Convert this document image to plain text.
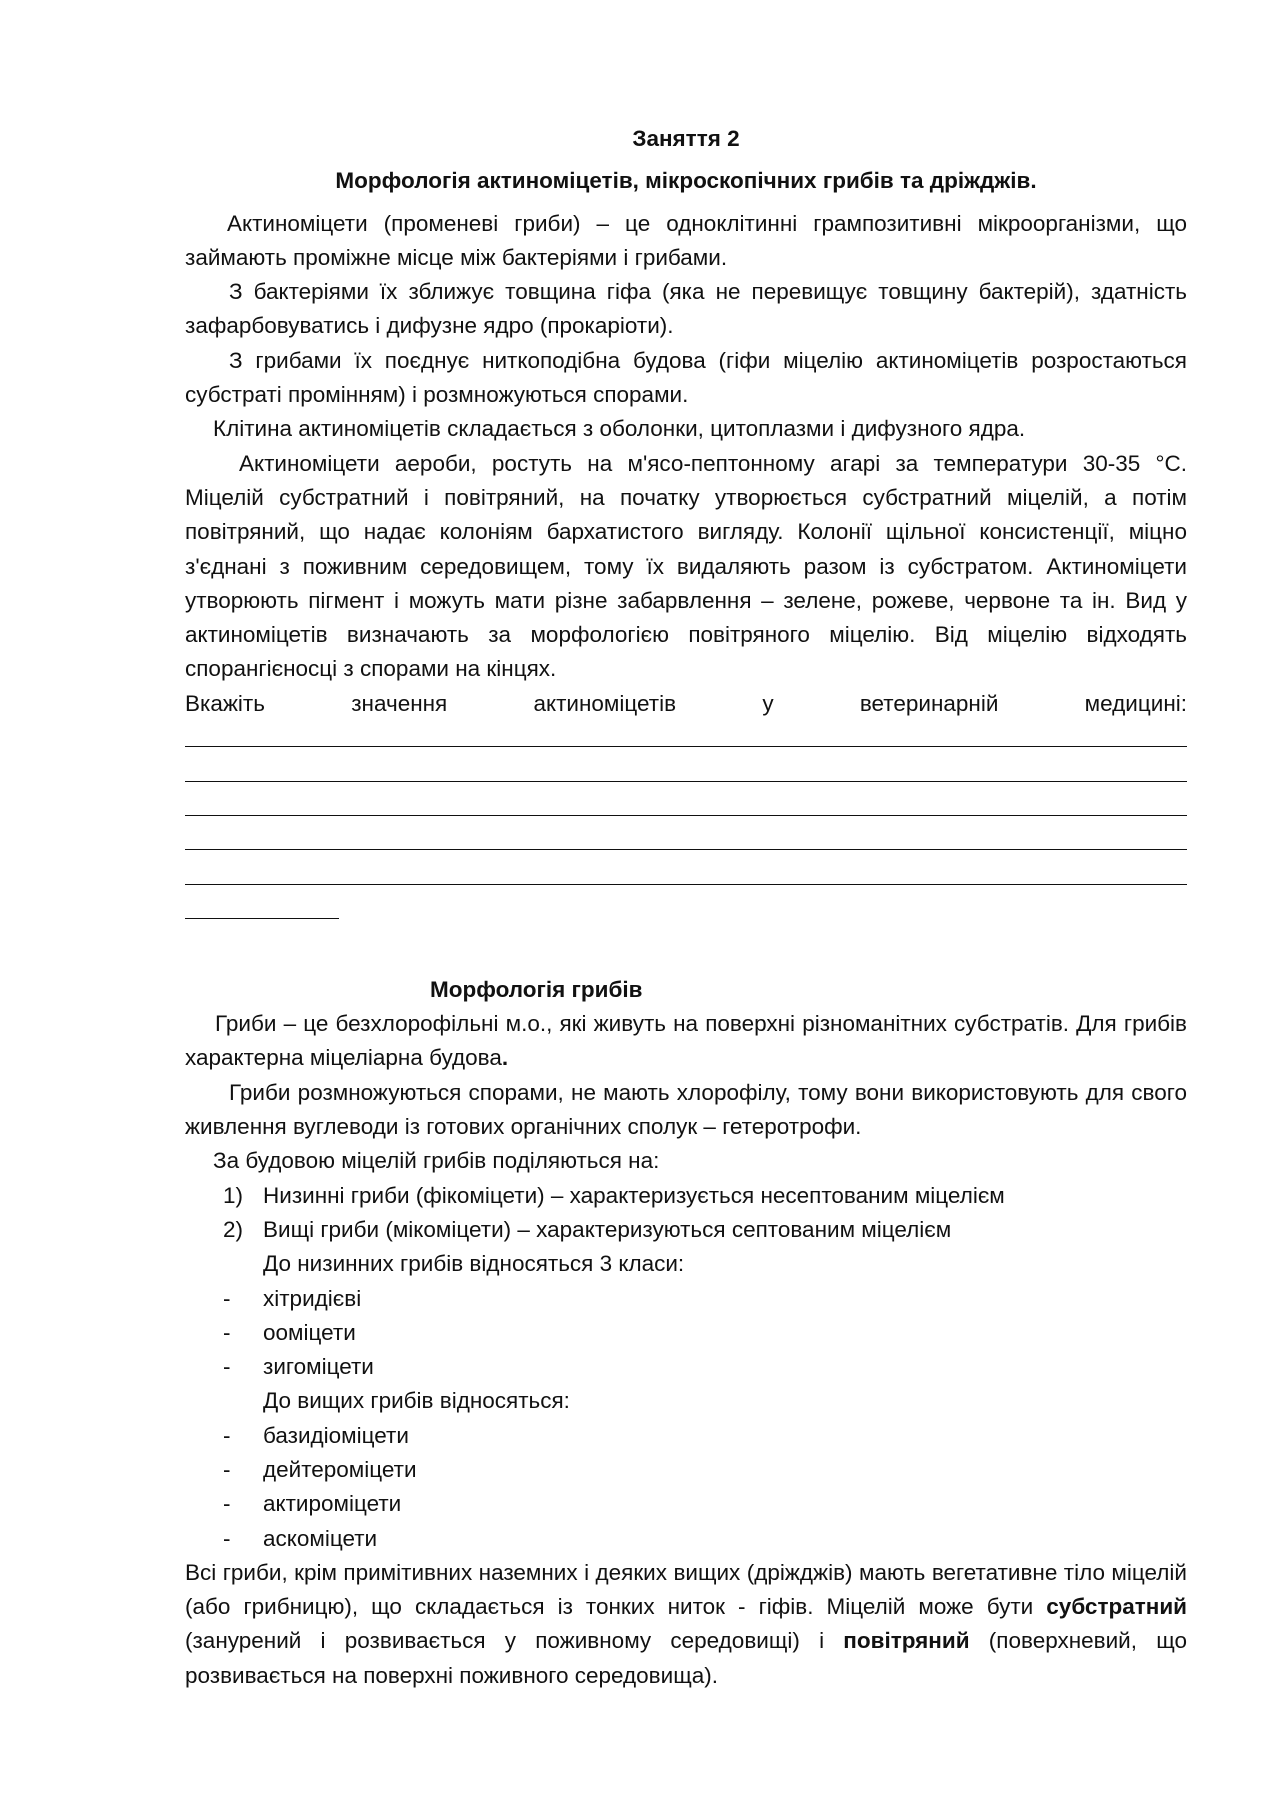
Заняття 2

Морфологія актиноміцетів, мікроскопічних грибів та дріжджів.

Актиноміцети (променеві гриби) – це одноклітинні грампозитивні мікроорганізми, що займають проміжне місце між бактеріями і грибами.

З бактеріями їх зближує товщина гіфа (яка не перевищує товщину бактерій), здатність зафарбовуватись і дифузне ядро (прокаріоти).

З грибами їх поєднує ниткоподібна будова (гіфи міцелію актиноміцетів розростаються субстраті промінням) і розмножуються спорами.

Клітина актиноміцетів складається з оболонки, цитоплазми і дифузного ядра.

Актиноміцети аероби, ростуть на м'ясо-пептонному агарі за температури 30-35 °С. Міцелій субстратний і повітряний, на початку утворюється субстратний міцелій, а потім повітряний, що надає колоніям бархатистого вигляду. Колонії щільної консистенції, міцно з'єднані з поживним середовищем, тому їх видаляють разом із субстратом. Актиноміцети утворюють пігмент і можуть мати різне забарвлення – зелене, рожеве, червоне та ін. Вид у актиноміцетів визначають за морфологією повітряного міцелію. Від міцелію відходять спорангієносці з спорами на кінцях.

Вкажіть значення актиноміцетів у ветеринарній медицині:

Морфологія грибів

Гриби – це безхлорофільні м.о., які живуть на поверхні різноманітних субстратів. Для грибів характерна міцеліарна будова.

Гриби розмножуються спорами, не мають хлорофілу, тому вони використовують для свого живлення вуглеводи із готових органічних сполук – гетеротрофи.

За будовою міцелій грибів поділяються на:

1) Низинні гриби (фікоміцети) – характеризується несептованим міцелієм
2) Вищі гриби (мікоміцети) – характеризуються септованим міцелієм

До низинних грибів відносяться 3 класи:

- хітридієві
- ооміцети
- зигоміцети

До вищих грибів відносяться:

- базидіоміцети
- дейтероміцети
- актироміцети
- аскоміцети

Всі гриби, крім примітивних наземних і деяких вищих (дріжджів) мають вегетативне тіло міцелій (або грибницю), що складається із тонких ниток - гіфів. Міцелій може бути субстратний (занурений і розвивається у поживному середовищі) і повітряний (поверхневий, що розвивається на поверхні поживного середовища).
